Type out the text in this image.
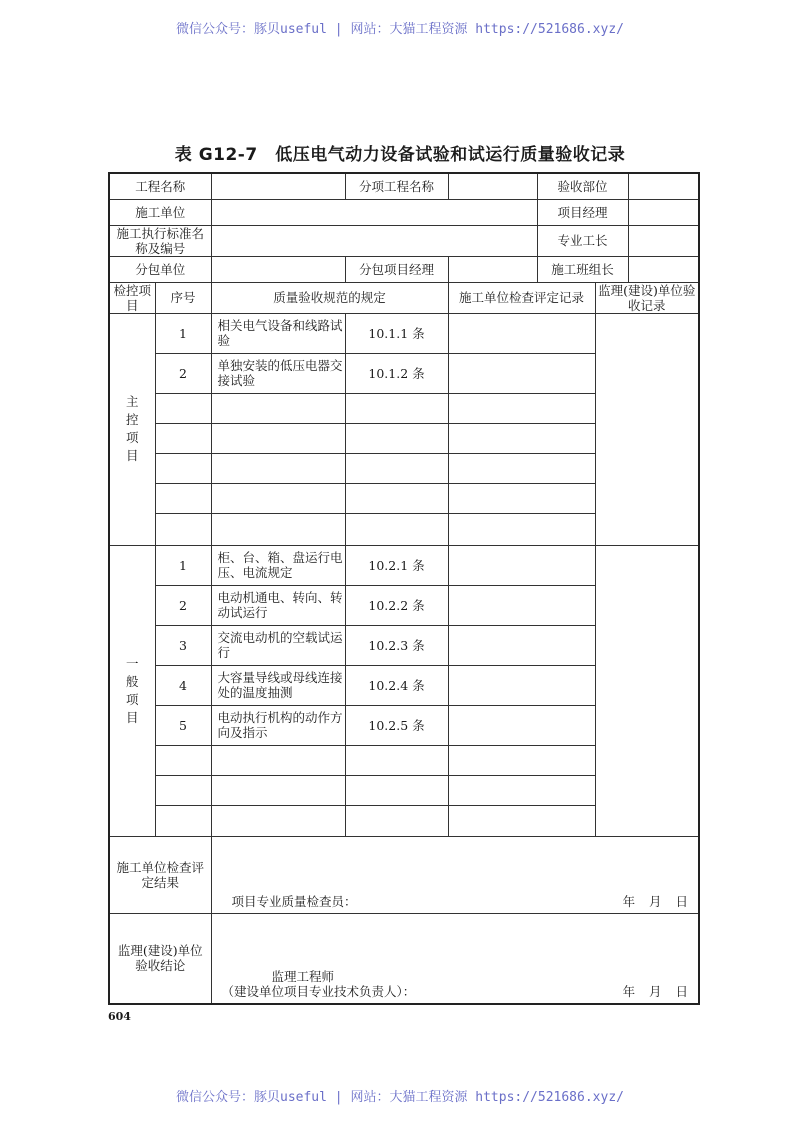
微信公众号：豚贝useful | 网站：大猫工程资源 https://521686.xyz/
表 G12-7　低压电气动力设备试验和试运行质量验收记录
工程名称			分项工程名称		验收部位		
施工单位					项目经理		
施工执行标准名称及编号					专业工长		
分包单位			分包项目经理		施工班组长		
检控项目	序号	质量验收规范的规定		施工单位检查评定记录		监理(建设)单位验收记录	

主控项目	1	相关电气设备和线路试验	10.1.1 条				
	2	单独安装的低压电器交接试验	10.1.2 条				

一般项目	1	柜、台、箱、盘运行电压、电流规定	10.2.1 条				
	2	电动机通电、转向、转动试运行	10.2.2 条				
	3	交流电动机的空载试运行	10.2.3 条				
	4	大容量导线或母线连接处的温度抽测	10.2.4 条				
	5	电动执行机构的动作方向及指示	10.2.5 条				

施工单位检查评定结果		项目专业质量检查员： 年 月 日					

监理(建设)单位验收结论		监理工程师
（建设单位项目专业技术负责人）： 年 月 日					
604
微信公众号：豚贝useful | 网站：大猫工程资源 https://521686.xyz/
